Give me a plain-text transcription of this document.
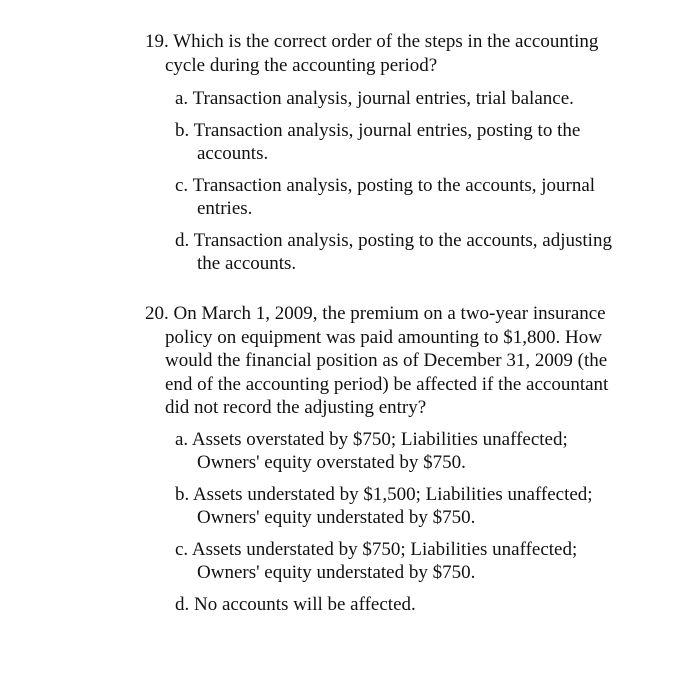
19. Which is the correct order of the steps in the accounting cycle during the accounting period?
a. Transaction analysis, journal entries, trial balance.
b. Transaction analysis, journal entries, posting to the accounts.
c. Transaction analysis, posting to the accounts, journal entries.
d. Transaction analysis, posting to the accounts, adjusting the accounts.
20. On March 1, 2009, the premium on a two-year insurance policy on equipment was paid amounting to $1,800. How would the financial position as of December 31, 2009 (the end of the accounting period) be affected if the accountant did not record the adjusting entry?
a. Assets overstated by $750; Liabilities unaffected; Owners' equity overstated by $750.
b. Assets understated by $1,500; Liabilities unaffected; Owners' equity understated by $750.
c. Assets understated by $750; Liabilities unaffected; Owners' equity understated by $750.
d. No accounts will be affected.
